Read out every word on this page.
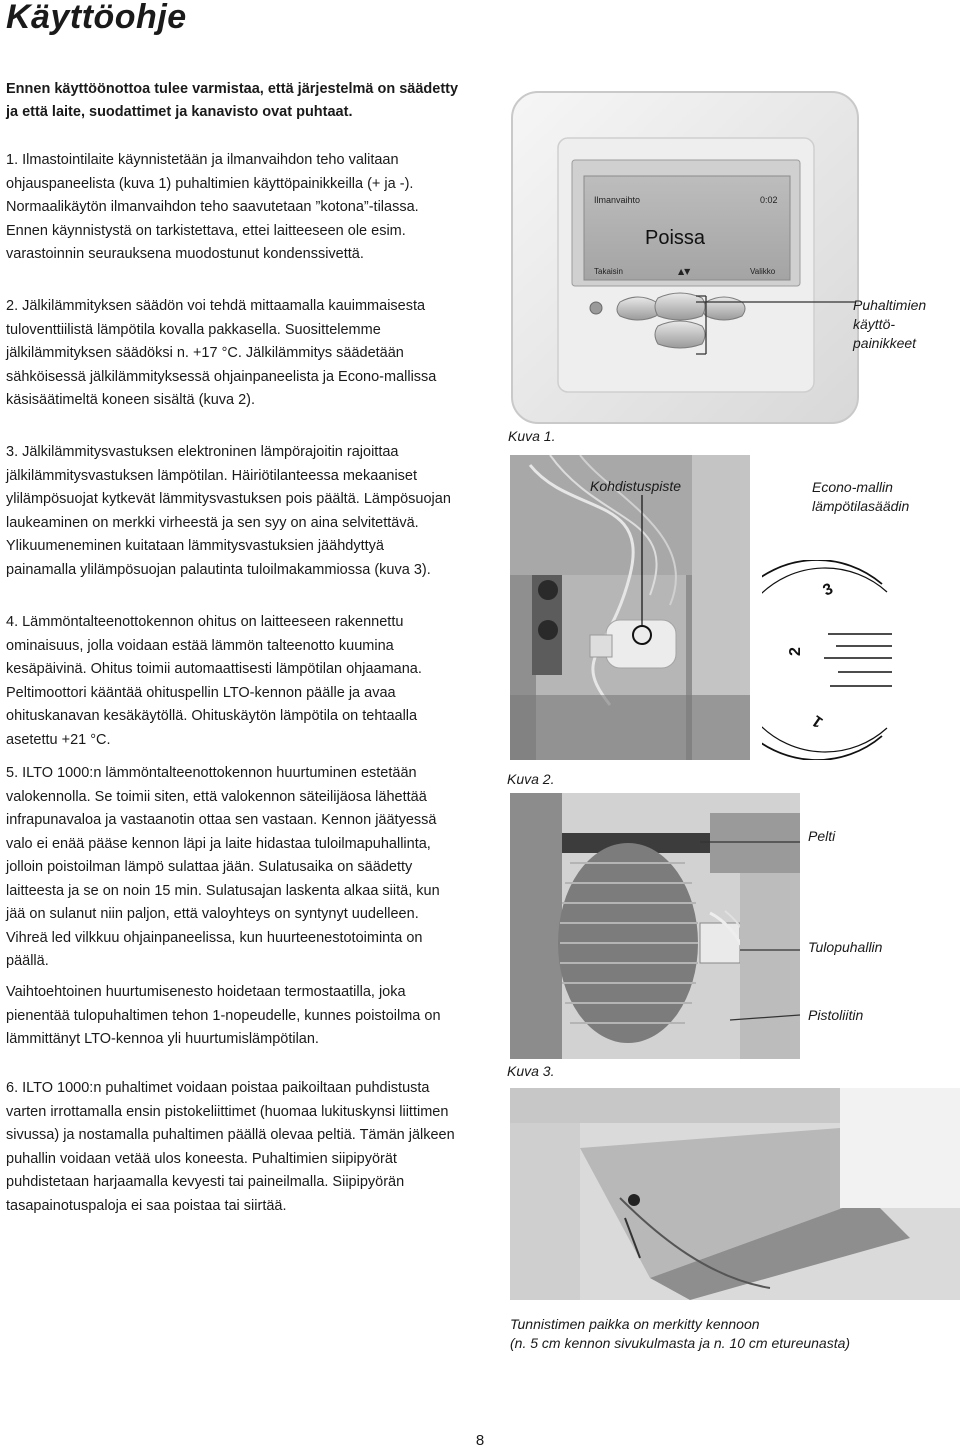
Käyttöohje

Ennen käyttöönottoa tulee varmistaa, että järjestelmä on säädetty ja että laite, suodattimet ja kanavisto ovat puhtaat.

1. Ilmastointilaite käynnistetään ja ilmanvaihdon teho valitaan ohjauspaneelista (kuva 1) puhaltimien käyttöpainikkeilla (+ ja -). Normaalikäytön ilmanvaihdon teho saavutetaan ”kotona”-tilassa. Ennen käynnistystä on tarkistettava, ettei laitteeseen ole esim. varastoinnin seurauksena muodostunut kondenssivettä.

2. Jälkilämmityksen säädön voi tehdä mittaamalla kauimmaisesta tuloventtiilistä lämpötila kovalla pakkasella. Suosittelemme jälkilämmityksen säädöksi n. +17 °C. Jälkilämmitys säädetään sähköisessä jälkilämmityksessä ohjainpaneelista ja Econo-mallissa käsisäätimeltä koneen sisältä (kuva 2).

3. Jälkilämmitysvastuksen elektroninen lämpörajoitin rajoittaa jälkilämmitysvastuksen lämpötilan. Häiriötilanteessa mekaaniset ylilämpösuojat kytkevät lämmitysvastuksen pois päältä. Lämpösuojan laukeaminen on merkki virheestä ja sen syy on aina selvitettävä. Ylikuumeneminen kuitataan lämmitysvastuksien jäähdyttyä painamalla ylilämpösuojan palautinta tuloilmakammiossa (kuva 3).

4. Lämmöntalteenottokennon ohitus on laitteeseen rakennettu ominaisuus, jolla voidaan estää lämmön talteenotto kuumina kesäpäivinä. Ohitus toimii automaattisesti lämpötilan ohjaamana. Peltimoottori kääntää ohituspellin LTO-kennon päälle ja avaa ohituskanavan kesäkäytöllä. Ohituskäytön lämpötila on tehtaalla asetettu +21 °C.

5. ILTO 1000:n lämmöntalteenottokennon huurtuminen estetään valokennolla. Se toimii siten, että valokennon säteilijäosa lähettää infrapunavaloa ja vastaanotin ottaa sen vastaan. Kennon jäätyessä valo ei enää pääse kennon läpi ja laite hidastaa tuloilmapuhallinta, jolloin poistoilman lämpö sulattaa jään. Sulatusaika on säädetty laitteesta ja se on noin 15 min. Sulatusajan laskenta alkaa siitä, kun jää on sulanut niin paljon, että valoyhteys on syntynyt uudelleen. Vihreä led vilkkuu ohjainpaneelissa, kun huurteenestotoiminta on päällä.

Vaihtoehtoinen huurtumisenesto hoidetaan termostaatilla, joka pienentää tulopuhaltimen tehon 1-nopeudelle, kunnes poistoilma on lämmittänyt LTO-kennoa yli huurtumislämpötilan.

6. ILTO 1000:n puhaltimet voidaan poistaa paikoiltaan puhdistusta varten irrottamalla ensin pistokeliittimet (huomaa lukituskynsi liittimen sivussa) ja nostamalla puhaltimen päällä olevaa peltiä. Tämän jälkeen puhallin voidaan vetää ulos koneesta. Puhaltimien siipipyörät puhdistetaan harjaamalla kevyesti tai paineilmalla. Siipipyörän tasapainotuspaloja ei saa poistaa tai siirtää.

Ilmanvaihto	0:02
Poissa
Takaisin	▲▼	Valikko

Puhaltimien
käyttö-
painikkeet

Kuva 1.

Kohdistuspiste	Econo-mallin
lämpötilasäädin

3
2
1

Kuva 2.

Pelti

Tulopuhallin

Pistoliitin

Kuva 3.

Tunnistimen paikka on merkitty kennoon
(n. 5 cm kennon sivukulmasta ja n. 10 cm etureunasta)

8
